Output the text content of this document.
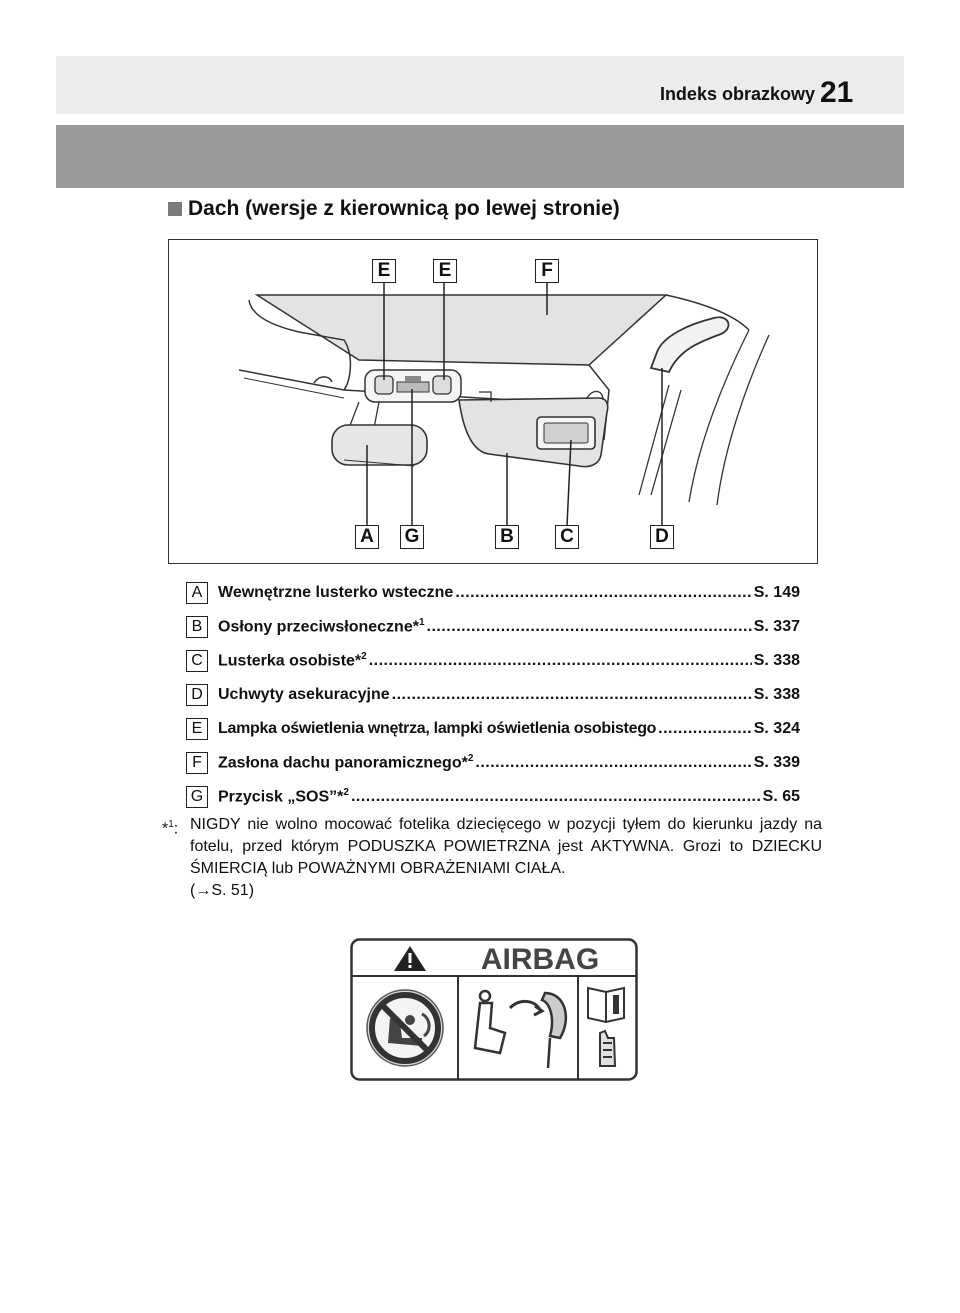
Indeks obrazkowy 21
Dach (wersje z kierownicą po lewej stronie)
E	E	F
A G	B C	D
A Wewnętrzne lusterko wsteczne .....	S. 149
B Osłony przeciwsłoneczne*$^1$ .....	S. 337
C Lusterka osobiste*$^2$ .....	S. 338
D Uchwyty asekuracyjne .....	S. 338
E Lampka oświetlenia wnętrza, lampki oświetlenia osobistego .....	S. 324
F	Zasłona dachu panoramicznego*$^2$ .....	S. 339
G Przycisk „SOS”*$^2$ .....	S. 65
*$^1$: NIGDY nie wolno mocować fotelika dziecięcego w pozycji tyłem do kierunku jazdy na fotelu, przed którym PODUSZKA POWIETRZNA jest AKTYWNA. Grozi to DZIECKU ŚMIERCIĄ lub POWAŻNYMI OBRAŻENIAMI CIAŁA.
(→S. 51)
AIRBAG
